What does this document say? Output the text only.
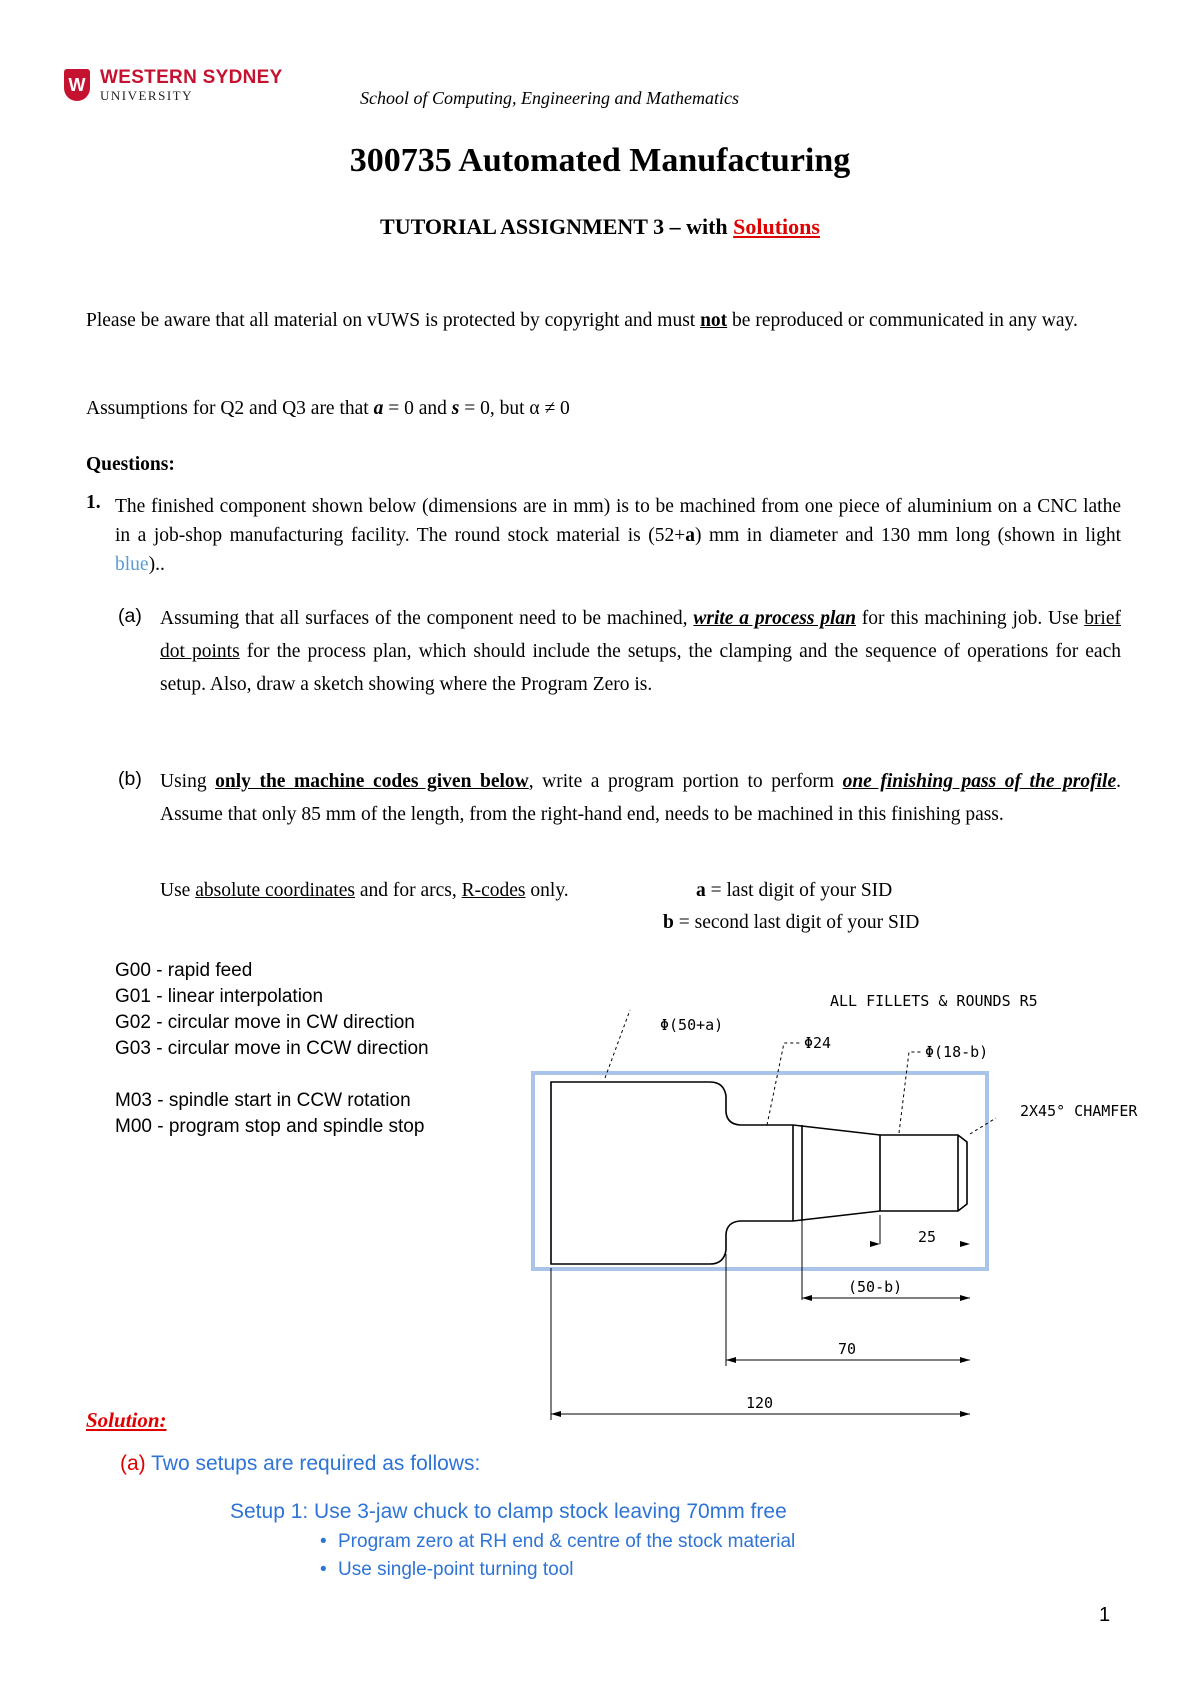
W WESTERN SYDNEY
UNIVERSITY	School of Computing, Engineering and Mathematics
300735 Automated Manufacturing
TUTORIAL ASSIGNMENT 3 – with Solutions
Please be aware that all material on vUWS is protected by copyright and must not be reproduced or communicated in any way.
Assumptions for Q2 and Q3 are that a = 0 and s = 0, but α ≠ 0
Questions:
1. The finished component shown below (dimensions are in mm) is to be machined from one piece of aluminium on a CNC lathe in a job-shop manufacturing facility. The round stock material is (52+a) mm in diameter and 130 mm long (shown in light blue)..
(a) Assuming that all surfaces of the component need to be machined, write a process plan for this machining job. Use brief dot points for the process plan, which should include the setups, the clamping and the sequence of operations for each setup. Also, draw a sketch showing where the Program Zero is.
(b) Using only the machine codes given below, write a program portion to perform one finishing pass of the profile. Assume that only 85 mm of the length, from the right-hand end, needs to be machined in this finishing pass.
Use absolute coordinates and for arcs, R-codes only.	a = last digit of your SID
b = second last digit of your SID
G00 - rapid feed
G01 - linear interpolation
G02 - circular move in CW direction
G03 - circular move in CCW direction
M03 - spindle start in CCW rotation
M00 - program stop and spindle stop
ALL FILLETS & ROUNDS R5
Φ(50+a)
Φ24	Φ(18-b)
2X45° CHAMFER
25
(50-b)
70
120
Solution:
(a) Two setups are required as follows:
Setup 1: Use 3-jaw chuck to clamp stock leaving 70mm free
• Program zero at RH end & centre of the stock material
• Use single-point turning tool
1
